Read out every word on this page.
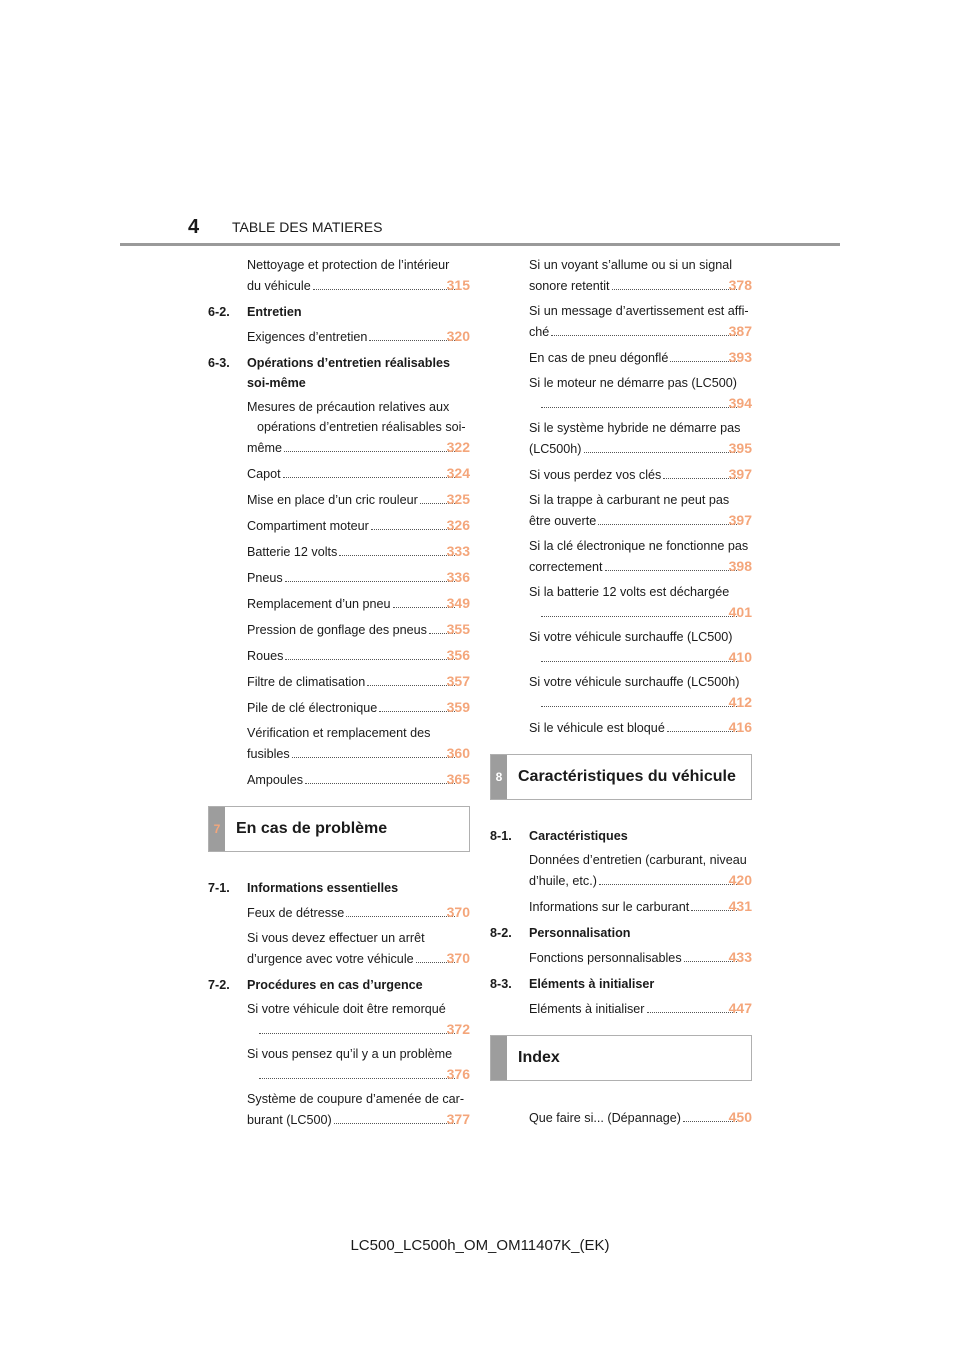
4 TABLE DES MATIERES
Nettoyage et protection de l’intérieur
du véhicule	315
6-2.	Entretien
Exigences d’entretien	320
6-3.	Opérations d’entretien réalisables soi-même
Mesures de précaution relatives aux opérations d’entretien réalisables soi-
même	322
Capot	324
Mise en place d’un cric rouleur 325
Compartiment moteur	326
Batterie 12 volts	333
Pneus	336
Remplacement d’un pneu	349
Pression de gonflage des pneus 355
Roues	356
Filtre de climatisation	357
Pile de clé électronique	359
Vérification et remplacement des
fusibles	360
Ampoules	365
7 En cas de problème
7-1.	Informations essentielles
Feux de détresse	370
Si vous devez effectuer un arrêt
d’urgence avec votre véhicule 370
7-2.	Procédures en cas d’urgence
Si votre véhicule doit être remorqué
372
Si vous pensez qu’il y a un problème
376
Système de coupure d’amenée de car-
burant (LC500)	377
Si un voyant s’allume ou si un signal
sonore retentit	378
Si un message d’avertissement est affi-
ché	387
En cas de pneu dégonflé	393
Si le moteur ne démarre pas (LC500)
394
Si le système hybride ne démarre pas
(LC500h)	395
Si vous perdez vos clés	397
Si la trappe à carburant ne peut pas
être ouverte	397
Si la clé électronique ne fonctionne pas
correctement	398
Si la batterie 12 volts est déchargée
401
Si votre véhicule surchauffe (LC500)
410
Si votre véhicule surchauffe (LC500h)
412
Si le véhicule est bloqué	416
8 Caractéristiques du véhicule
8-1.	Caractéristiques
Données d’entretien (carburant, niveau
d’huile, etc.)	420
Informations sur le carburant	431
8-2.	Personnalisation
Fonctions personnalisables	433
8-3.	Eléments à initialiser
Eléments à initialiser	447
Index
Que faire si... (Dépannage)	450
LC500_LC500h_OM_OM11407K_(EK)
